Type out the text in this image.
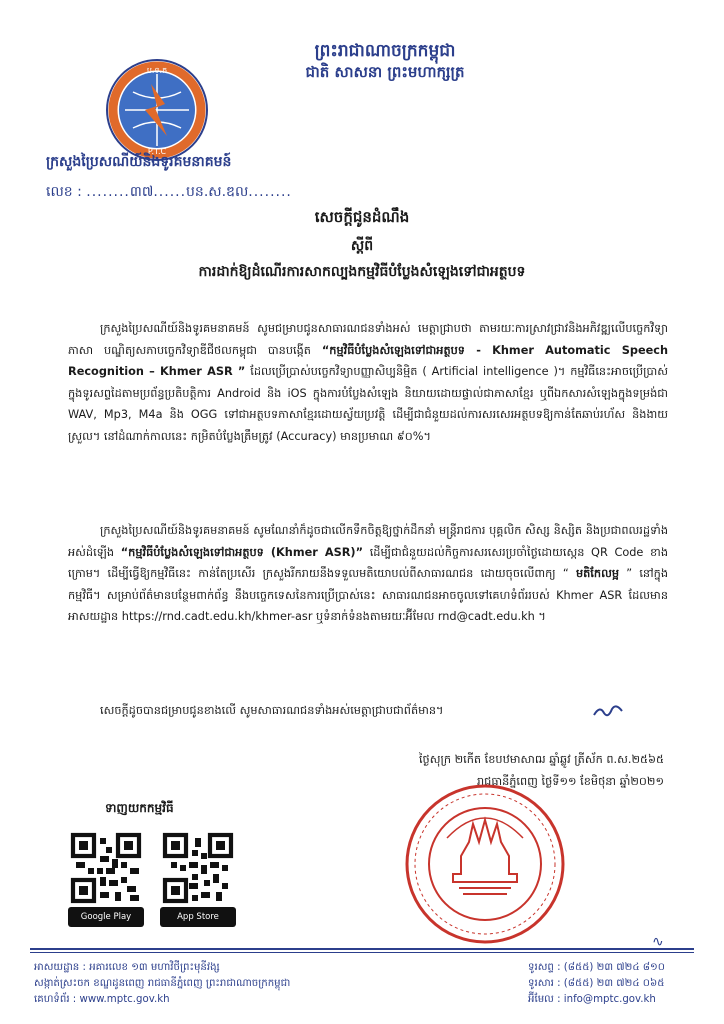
ព្រះរាជាណាចក្រកម្ពុជា
ជាតិ សាសនា ព្រះមហាក្សត្រ
ប.ទ.ក
P.T.C
ក្រសួងប្រៃសណីយ៍និងទូរគមនាគមន៍
លេខ : ........៣៧......បន.ស.ឌល........
សេចក្តីជូនដំណឹង
ស្តីពី
ការដាក់ឱ្យដំណើរការសាកល្បងកម្មវិធីបំប្លែងសំឡេងទៅជាអត្ថបទ
ក្រសួងប្រៃសណីយ៍និងទូរគមនាគមន៍ សូមជម្រាបជូនសាធារណជនទាំងអស់ មេត្តាជ្រាបថា តាមរយៈការស្រាវជ្រាវនិងអភិវឌ្ឍលើបច្ចេកវិទ្យាភាសា បណ្ឌិត្យសភាបច្ចេកវិទ្យាឌីជីថលកម្ពុជា បានបង្កើត “កម្មវិធីបំប្លែងសំឡេងទៅជាអត្ថបទ - Khmer Automatic Speech Recognition – Khmer ASR ” ដែលប្រើប្រាស់បច្ចេកវិទ្យាបញ្ញាសិប្បនិម្មិត ( Artificial intelligence )។ កម្មវិធីនេះអាចប្រើប្រាស់ក្នុងទូរសព្ទដៃតាមប្រព័ន្ធប្រតិបត្តិការ Android និង iOS ក្នុងការបំប្លែងសំឡេង និយាយដោយផ្ទាល់ជាភាសាខ្មែរ ឬពីឯកសារសំឡេងក្នុងទម្រង់ជា WAV, Mp3, M4a និង OGG ទៅជាអត្ថបទភាសាខ្មែរដោយស្វ័យប្រវត្តិ ដើម្បីជាជំនួយដល់ការសរសេរអត្ថបទឱ្យកាន់តែឆាប់រហ័ស និងងាយស្រួល។ នៅដំណាក់កាលនេះ កម្រិតបំប្លែងត្រឹមត្រូវ (Accuracy) មានប្រមាណ ៩០%។
ក្រសួងប្រៃសណីយ៍និងទូរគមនាគមន៍ សូមណែនាំក៏ដូចជាលើកទឹកចិត្តឱ្យថ្នាក់ដឹកនាំ មន្ត្រីរាជការ បុគ្គលិក សិស្ស និស្សិត និងប្រជាពលរដ្ឋទាំងអស់ដំឡើង “កម្មវិធីបំប្លែងសំឡេងទៅជាអត្ថបទ (Khmer ASR)” ដើម្បីជាជំនួយដល់កិច្ចការសរសេរប្រចាំថ្ងៃដោយស្កេន QR Code ខាងក្រោម។ ដើម្បីធ្វើឱ្យកម្មវិធីនេះ កាន់តែប្រសើរ ក្រសួងរីករាយនឹងទទួលមតិយោបល់ពីសាធារណជន ដោយចុចលើពាក្យ “ មតិកែលម្អ ” នៅក្នុងកម្មវិធី។ សម្រាប់ព័ត៌មានបន្ថែមពាក់ព័ន្ធ នឹងបច្ចេកទេសនៃការប្រើប្រាស់នេះ សាធារណជនអាចចូលទៅគេហទំព័ររបស់ Khmer ASR ដែលមានអាសយដ្ឋាន https://rnd.cadt.edu.kh/khmer-asr ឬទំនាក់ទំនងតាមរយៈអ៊ីមែល rnd@cadt.edu.kh ។
សេចក្តីដូចបានជម្រាបជូនខាងលើ សូមសាធារណជនទាំងអស់មេត្តាជ្រាបជាព័ត៌មាន។
ថ្ងៃសុក្រ ២កើត ខែបឋមាសាឍ ឆ្នាំឆ្លូវ ត្រីស័ក ព.ស.២៥៦៥
រាជធានីភ្នំពេញ ថ្ងៃទី១១ ខែមិថុនា ឆ្នាំ២០២១
ទាញយកកម្មវិធី
Google Play	App Store
∿
អាសយដ្ឋាន : អគារលេខ ១៣ មហាវិថីព្រះមុនីវង្ស
សង្កាត់ស្រះចក ខណ្ឌដូនពេញ រាជធានីភ្នំពេញ ព្រះរាជាណាចក្រកម្ពុជា
គេហទំព័រ : www.mptc.gov.kh
ទូរសព្ទ : (៨៥៥) ២៣ ៧២៤ ៨១០
ទូរសារ : (៨៥៥) ២៣ ៧២៤ ០៦៥
អ៊ីមែល : info@mptc.gov.kh
